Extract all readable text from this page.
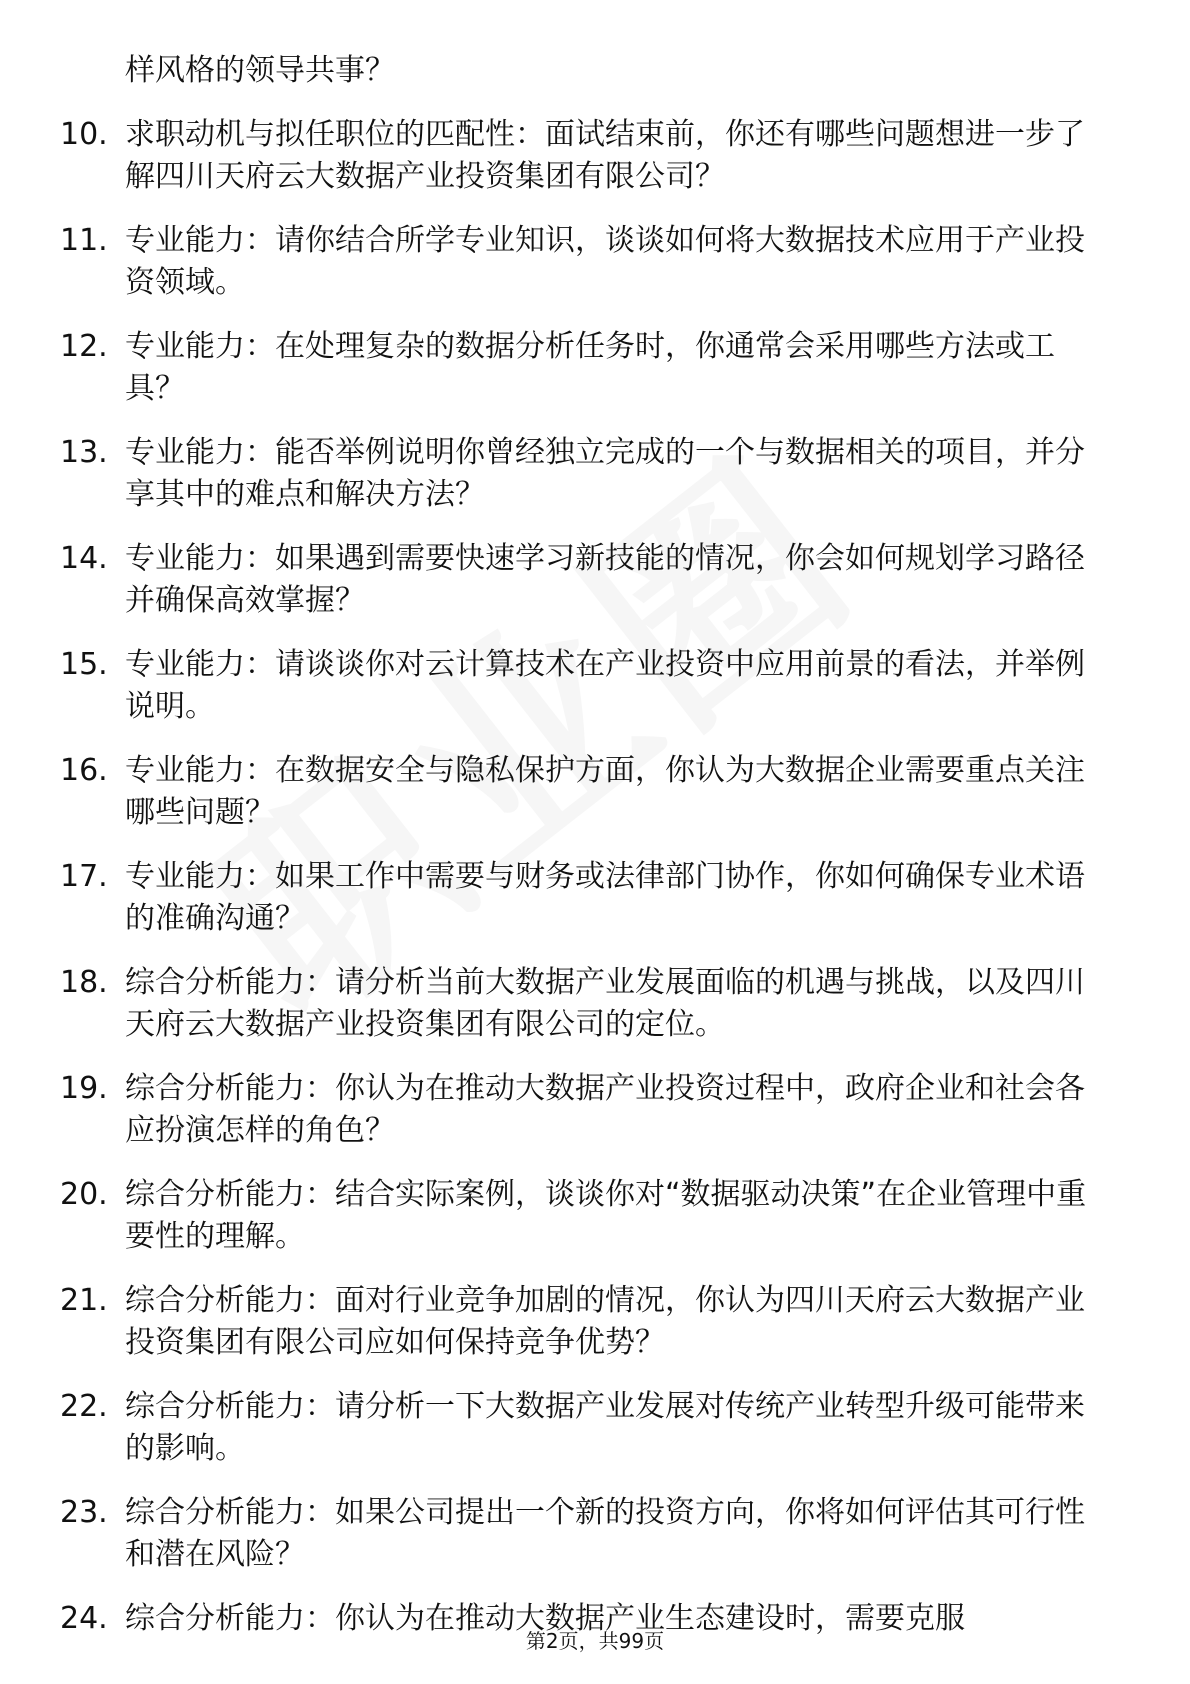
样风格的领导共事？
10. 求职动机与拟任职位的匹配性：面试结束前，你还有哪些问题想进一步了解四川天府云大数据产业投资集团有限公司？
11. 专业能力：请你结合所学专业知识，谈谈如何将大数据技术应用于产业投资领域。
12. 专业能力：在处理复杂的数据分析任务时，你通常会采用哪些方法或工具？
13. 专业能力：能否举例说明你曾经独立完成的一个与数据相关的项目，并分享其中的难点和解决方法？
14. 专业能力：如果遇到需要快速学习新技能的情况，你会如何规划学习路径并确保高效掌握？
15. 专业能力：请谈谈你对云计算技术在产业投资中应用前景的看法，并举例说明。
16. 专业能力：在数据安全与隐私保护方面，你认为大数据企业需要重点关注哪些问题？
17. 专业能力：如果工作中需要与财务或法律部门协作，你如何确保专业术语的准确沟通？
18. 综合分析能力：请分析当前大数据产业发展面临的机遇与挑战，以及四川天府云大数据产业投资集团有限公司的定位。
19. 综合分析能力：你认为在推动大数据产业投资过程中，政府企业和社会各应扮演怎样的角色？
20. 综合分析能力：结合实际案例，谈谈你对“数据驱动决策”在企业管理中重要性的理解。
21. 综合分析能力：面对行业竞争加剧的情况，你认为四川天府云大数据产业投资集团有限公司应如何保持竞争优势？
22. 综合分析能力：请分析一下大数据产业发展对传统产业转型升级可能带来的影响。
23. 综合分析能力：如果公司提出一个新的投资方向，你将如何评估其可行性和潜在风险？
24. 综合分析能力：你认为在推动大数据产业生态建设时，需要克服
第2页，共99页
